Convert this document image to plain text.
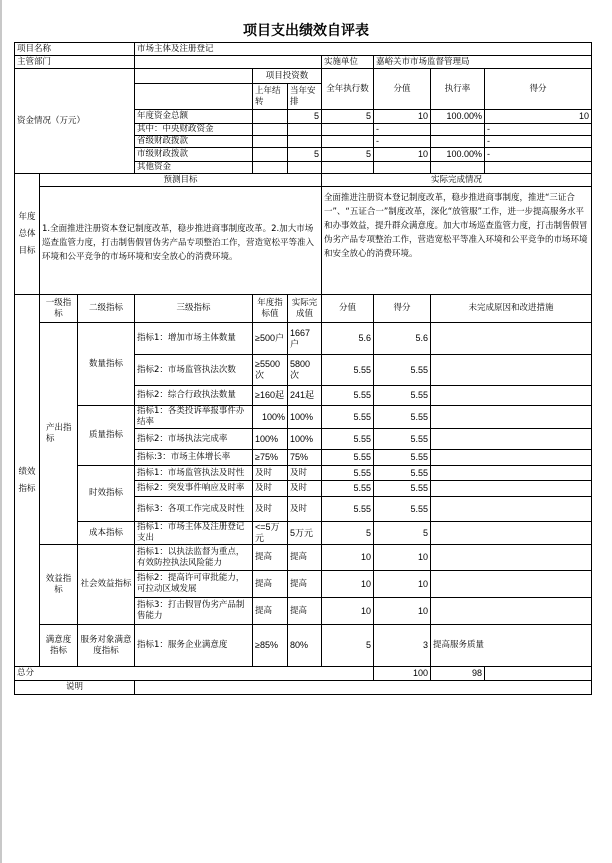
项目支出绩效自评表
项目名称			市场主体及注册登记						
主管部门						实施单位	嘉峪关市市场监督管理局		
资金情况（万元）				项目投资数		全年执行数	分值	执行率	得分
				上年结转	当年安排				
			年度资金总额		5	5	10	100.00%	10
			其中：中央财政资金				-		-
			省级财政拨款				-		-
			市级财政拨款		5	5	10	100.00%	-
			其他资金						
年度总体目标	预测目标					实际完成情况			
	1.全面推进注册资本登记制度改革，稳步推进商事制度改革。2.加大市场巡查监管力度，打击制售假冒伪劣产品专项整治工作，营造宽松平等准入环境和公平竞争的市场环境和安全放心的消费环境。					全面推进注册资本登记制度改革，稳步推进商事制度，推进“三证合一”、“五证合一”制度改革，深化“放管服”工作，进一步提高服务水平和办事效益，提升群众满意度。加大市场巡查监管力度，打击制售假冒伪劣产品专项整治工作，营造宽松平等准入环境和公平竞争的市场环境和安全放心的消费环境。			
绩效指标	一级指标	二级指标	三级指标	年度指标值	实际完成值	分值	得分	未完成原因和改进措施	
	产出指标	数量指标	指标1：增加市场主体数量	≥500户	1667户	5.6	5.6		
			指标2：市场监管执法次数	≥5500次	5800次	5.55	5.55		
			指标2：综合行政执法数量	≥160起	241起	5.55	5.55		
		质量指标	指标1：各类投诉举报事件办结率	100%	100%	5.55	5.55		
			指标2：市场执法完成率	100%	100%	5.55	5.55		
			指标:3：市场主体增长率	≥75%	75%	5.55	5.55		
		时效指标	指标1：市场监管执法及时性	及时	及时	5.55	5.55		
			指标2：突发事件响应及时率	及时	及时	5.55	5.55		
			指标3：各项工作完成及时性	及时	及时	5.55	5.55		
		成本指标	指标1：市场主体及注册登记支出	<=5万元	5万元	5	5		
	效益指标	社会效益指标	指标1：以执法监督为重点，有效防控执法风险能力	提高	提高	10	10		
			指标2：提高许可审批能力，可拉动区域发展	提高	提高	10	10		
			指标3：打击假冒伪劣产品制售能力	提高	提高	10	10		
	满意度指标	服务对象满意度指标	指标1：服务企业满意度	≥85%	80%	5	3	提高服务质量	
总分							100	98	
说明									
